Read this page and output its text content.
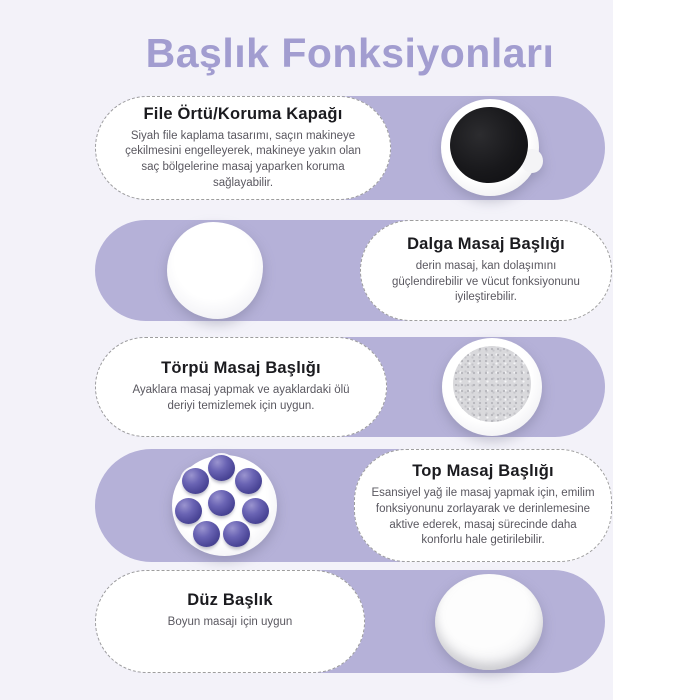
Başlık Fonksiyonları
File Örtü/Koruma Kapağı

Siyah file kaplama tasarımı, saçın makineye çekilmesini engelleyerek, makineye yakın olan saç bölgelerine masaj yaparken koruma sağlayabilir.

Dalga Masaj Başlığı

derin masaj, kan dolaşımını güçlendirebilir ve vücut fonksiyonunu iyileştirebilir.

Törpü Masaj Başlığı

Ayaklara masaj yapmak ve ayaklardaki ölü deriyi temizlemek için uygun.

Top Masaj Başlığı

Esansiyel yağ ile masaj yapmak için, emilim fonksiyonunu zorlayarak ve derinlemesine aktive ederek, masaj sürecinde daha konforlu hale getirilebilir.

Düz Başlık

Boyun masajı için uygun
